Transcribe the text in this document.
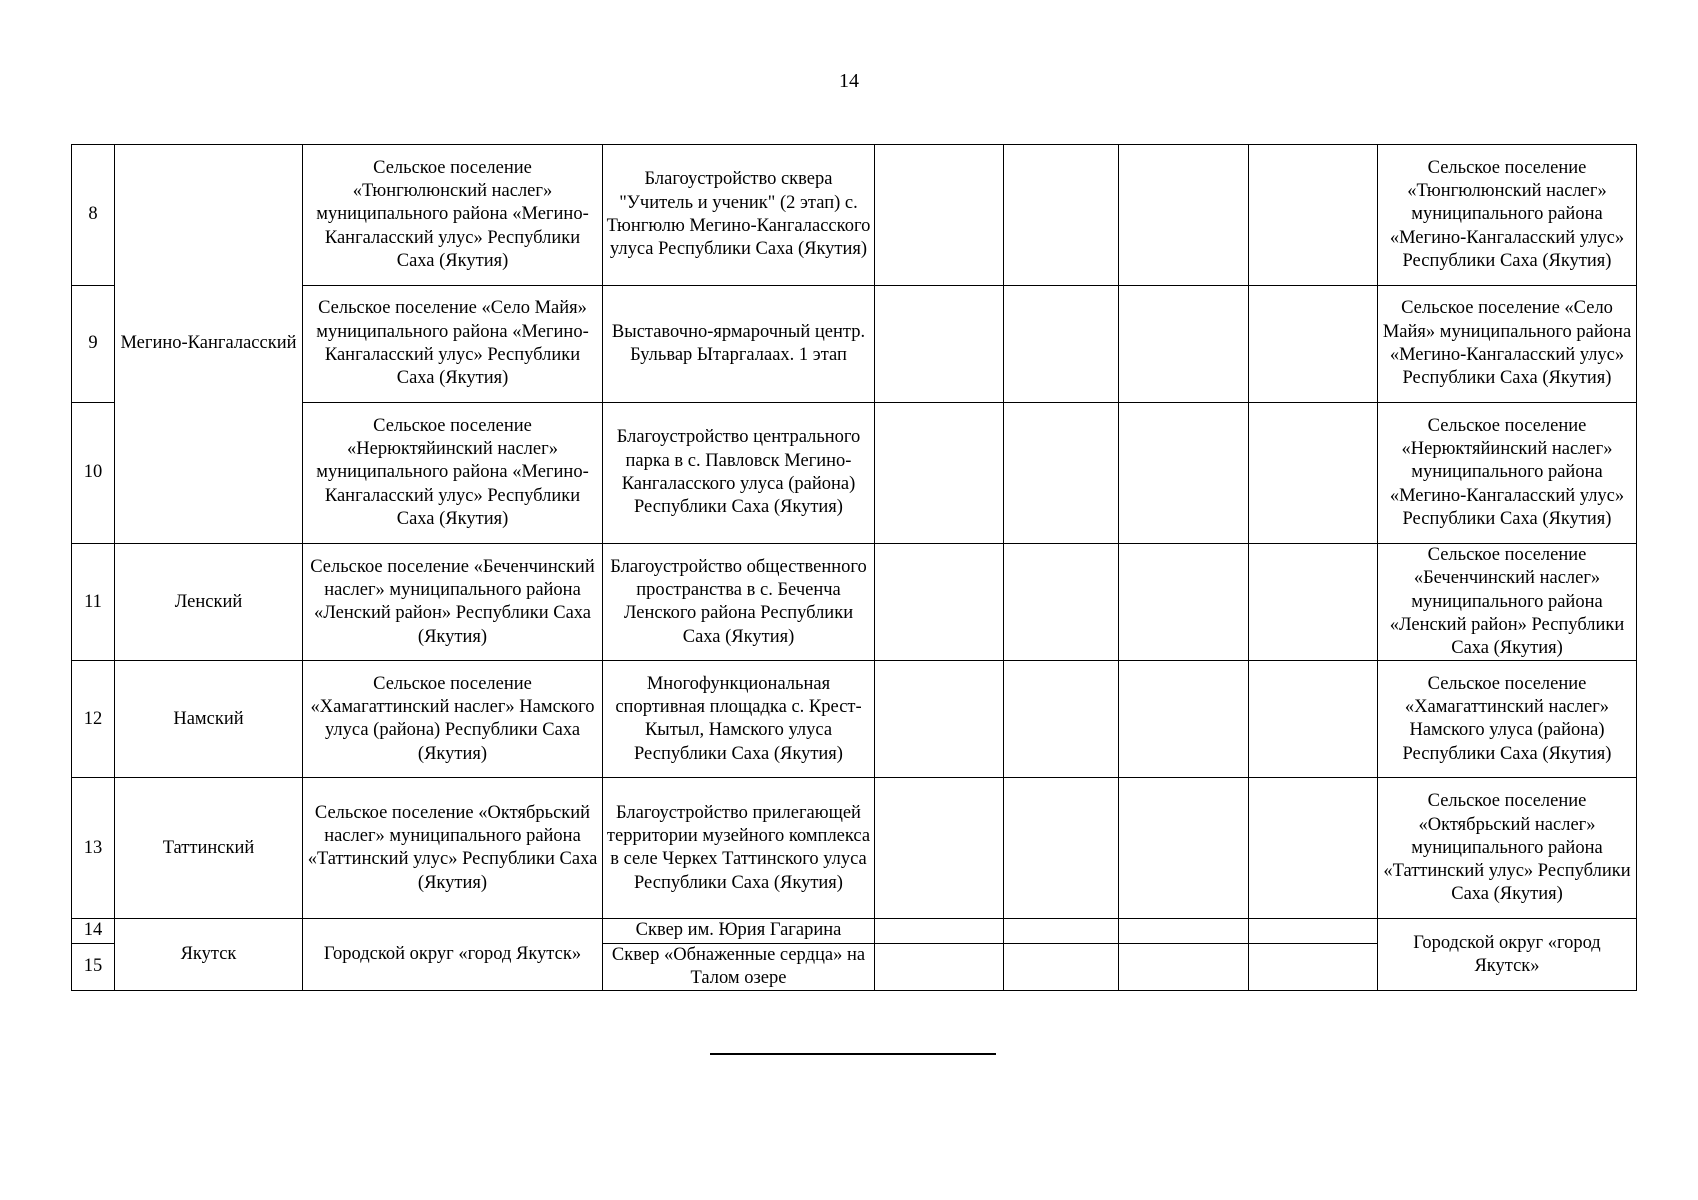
14
8	Мегино-Кангаласский	Сельское поселение «Тюнгюлюнский наслег» муниципального района «Мегино-Кангаласский улус» Республики Саха (Якутия)	Благоустройство сквера "Учитель и ученик" (2 этап) с. Тюнгюлю Мегино-Кангаласского улуса Республики Саха (Якутия)					Сельское поселение «Тюнгюлюнский наслег» муниципального района «Мегино-Кангаласский улус» Республики Саха (Якутия)
9		Сельское поселение «Село Майя» муниципального района «Мегино-Кангаласский улус» Республики Саха (Якутия)	Выставочно-ярмарочный центр. Бульвар Ытаргалаах. 1 этап					Сельское поселение «Село Майя» муниципального района «Мегино-Кангаласский улус» Республики Саха (Якутия)
10		Сельское поселение «Нерюктяйинский наслег» муниципального района «Мегино-Кангаласский улус» Республики Саха (Якутия)	Благоустройство центрального парка в с. Павловск Мегино-Кангаласского улуса (района) Республики Саха (Якутия)					Сельское поселение «Нерюктяйинский наслег» муниципального района «Мегино-Кангаласский улус» Республики Саха (Якутия)
11	Ленский	Сельское поселение «Беченчинский наслег» муниципального района «Ленский район» Республики Саха (Якутия)	Благоустройство общественного пространства в с. Беченча Ленского района Республики Саха (Якутия)					Сельское поселение «Беченчинский наслег» муниципального района «Ленский район» Республики Саха (Якутия)
12	Намский	Сельское поселение «Хамагаттинский наслег» Намского улуса (района) Республики Саха (Якутия)	Многофункциональная спортивная площадка с. Крест-Кытыл, Намского улуса Республики Саха (Якутия)					Сельское поселение «Хамагаттинский наслег» Намского улуса (района) Республики Саха (Якутия)
13	Таттинский	Сельское поселение «Октябрьский наслег» муниципального района «Таттинский улус» Республики Саха (Якутия)	Благоустройство прилегающей территории музейного комплекса в селе Черкех Таттинского улуса Республики Саха (Якутия)					Сельское поселение «Октябрьский наслег» муниципального района «Таттинский улус» Республики Саха (Якутия)
14	Якутск	Городской округ «город Якутск»	Сквер им. Юрия Гагарина					Городской округ «город Якутск»
15			Сквер «Обнаженные сердца» на Талом озере					
